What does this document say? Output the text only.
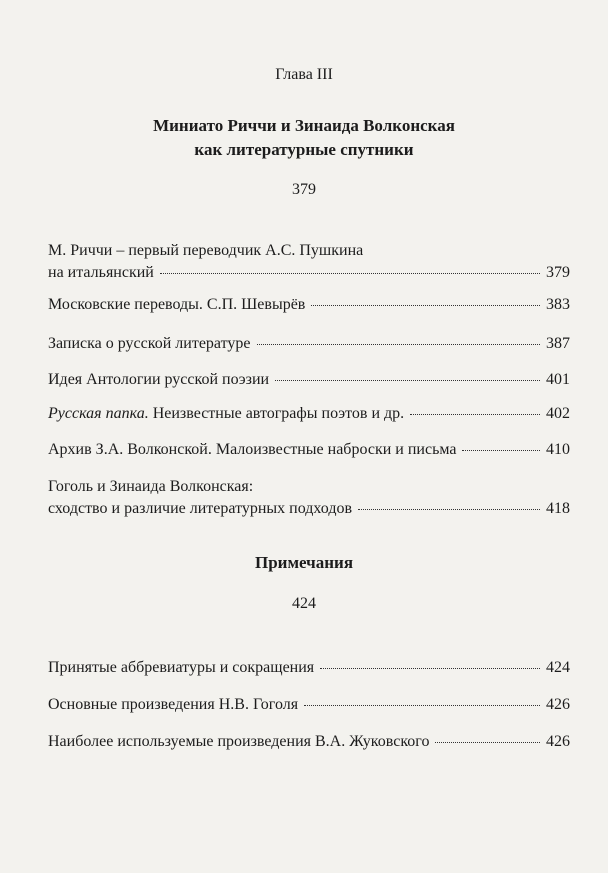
Глава III
Миниато Риччи и Зинаида Волконская
как литературные спутники
379
М. Риччи – первый переводчик А.С. Пушкина
на итальянский	379
Московские переводы. С.П. Шевырёв	383
Записка о русской литературе	387
Идея Антологии русской поэзии	401
Русская папка. Неизвестные автографы поэтов и др.	402
Архив З.А. Волконской. Малоизвестные наброски и письма	410
Гоголь и Зинаида Волконская:
сходство и различие литературных подходов	418
Примечания
424
Принятые аббревиатуры и сокращения	424
Основные произведения Н.В. Гоголя	426
Наиболее используемые произведения В.А. Жуковского	426
